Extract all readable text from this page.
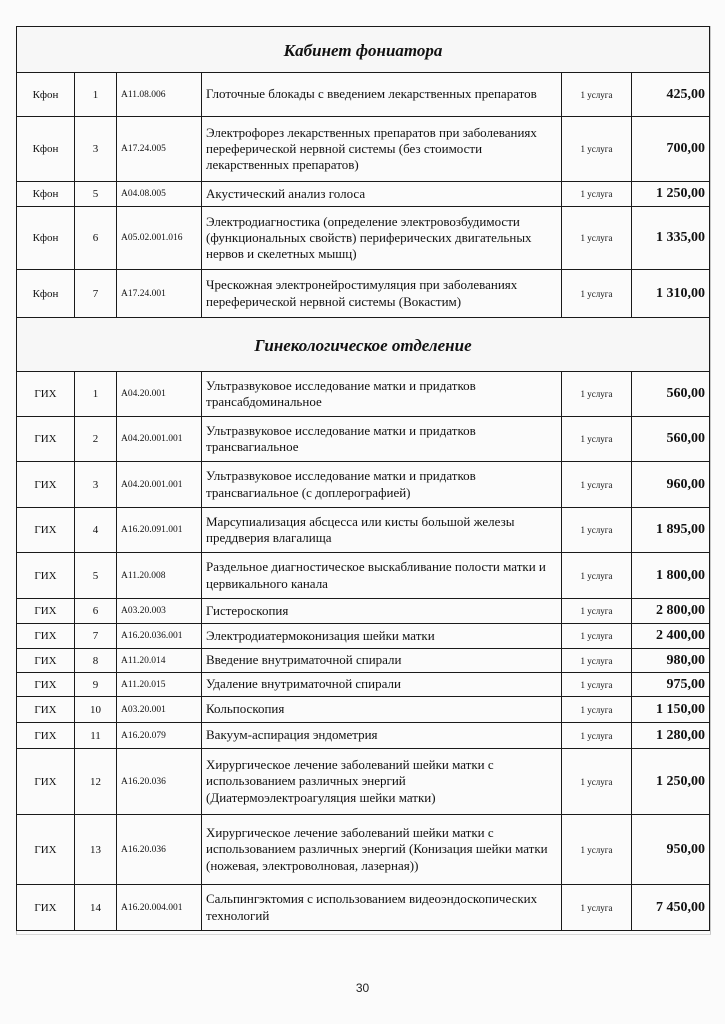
Кабинет фониатора					
Кфон	1	A11.08.006	Глоточные блокады с введением лекарственных препаратов	1 услуга	425,00
Кфон	3	A17.24.005	Электрофорез лекарственных препаратов при заболеваниях переферической нервной системы (без стоимости лекарственных препаратов)	1 услуга	700,00
Кфон	5	A04.08.005	Акустический анализ голоса	1 услуга	1 250,00
Кфон	6	A05.02.001.016	Электродиагностика (определение электровозбудимости (функциональных свойств) периферических двигательных нервов и скелетных мышц)	1 услуга	1 335,00
Кфон	7	A17.24.001	Чрескожная электронейростимуляция при заболеваниях переферической нервной системы (Вокастим)	1 услуга	1 310,00
Гинекологическое отделение					
ГИХ	1	A04.20.001	Ультразвуковое исследование матки и придатков трансабдоминальное	1 услуга	560,00
ГИХ	2	A04.20.001.001	Ультразвуковое исследование матки и придатков трансвагиальное	1 услуга	560,00
ГИХ	3	A04.20.001.001	Ультразвуковое исследование матки и придатков трансвагиальное (с доплерографией)	1 услуга	960,00
ГИХ	4	A16.20.091.001	Марсупиализация абсцесса или кисты большой железы преддверия влагалища	1 услуга	1 895,00
ГИХ	5	A11.20.008	Раздельное диагностическое выскабливание полости матки и цервикального канала	1 услуга	1 800,00
ГИХ	6	A03.20.003	Гистероскопия	1 услуга	2 800,00
ГИХ	7	A16.20.036.001	Электродиатермоконизация шейки матки	1 услуга	2 400,00
ГИХ	8	A11.20.014	Введение внутриматочной спирали	1 услуга	980,00
ГИХ	9	A11.20.015	Удаление внутриматочной спирали	1 услуга	975,00
ГИХ	10	A03.20.001	Кольпоскопия	1 услуга	1 150,00
ГИХ	11	A16.20.079	Вакуум-аспирация эндометрия	1 услуга	1 280,00
ГИХ	12	A16.20.036	Хирургическое лечение заболеваний шейки матки с использованием различных энергий (Диатермоэлектроагуляция шейки матки)	1 услуга	1 250,00
ГИХ	13	A16.20.036	Хирургическое лечение заболеваний шейки матки с использованием различных энергий (Конизация шейки матки (ножевая, электроволновая, лазерная))	1 услуга	950,00
ГИХ	14	A16.20.004.001	Сальпингэктомия с использованием видеоэндоскопических технологий	1 услуга	7 450,00
30
